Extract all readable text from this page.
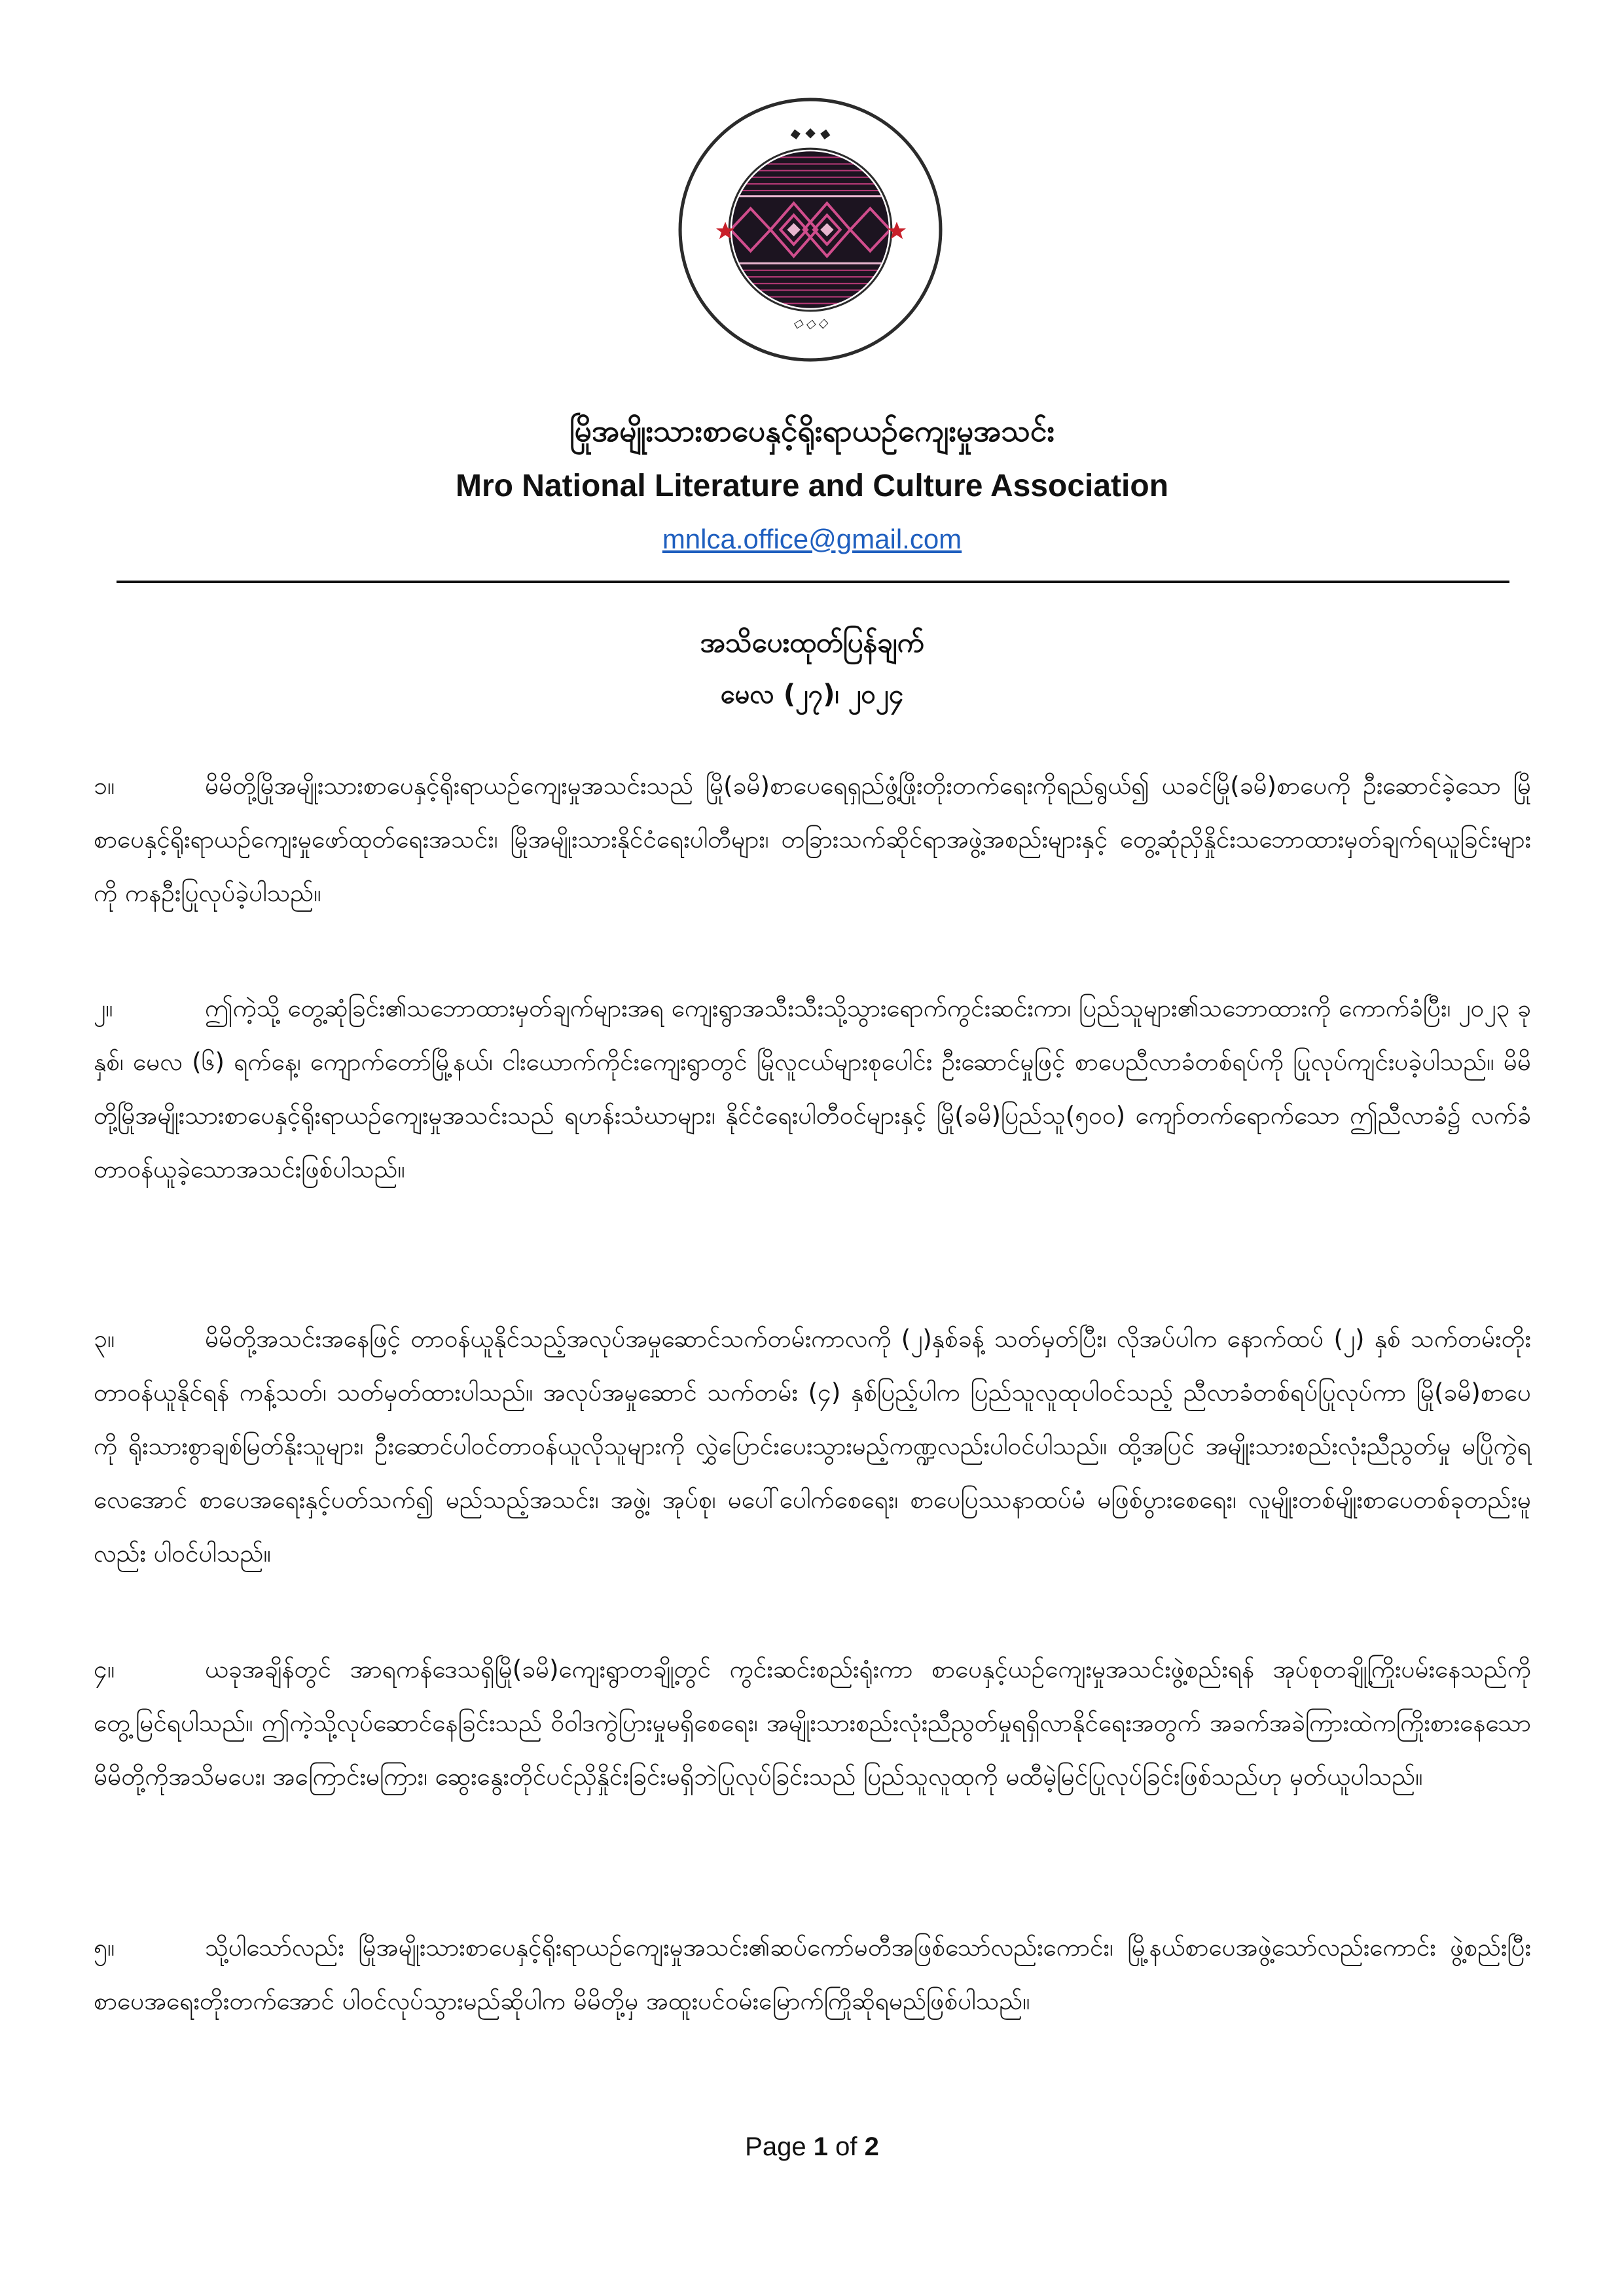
◆ ◆ ◆
◇ ◇ ◇
မြိုအမျိုးသားစာပေနှင့်ရိုးရာယဉ်ကျေးမှုအသင်း
Mro National Literature and Culture Association
mnlca.office@gmail.com
အသိပေးထုတ်ပြန်ချက်
မေလ (၂၇)၊ ၂၀၂၄

၁။	မိမိတို့မြိုအမျိုးသားစာပေနှင့်ရိုးရာယဉ်ကျေးမှုအသင်းသည် မြို(ခမိ)စာပေရေရှည်ဖွံ့ဖြိုးတိုးတက်ရေးကိုရည်ရွယ်၍ ယခင်မြို(ခမိ)စာပေကို ဦးဆောင်ခဲ့သော မြိုစာပေနှင့်ရိုးရာယဉ်ကျေးမှုဖော်ထုတ်ရေးအသင်း၊ မြိုအမျိုးသားနိုင်ငံရေးပါတီများ၊ တခြားသက်ဆိုင်ရာအဖွဲ့အစည်းများနှင့် တွေ့ဆုံညှိနှိုင်းသဘောထားမှတ်ချက်ရယူခြင်းများကို ကနဦးပြုလုပ်ခဲ့ပါသည်။

၂။	ဤကဲ့သို့ တွေ့ဆုံခြင်း၏သဘောထားမှတ်ချက်များအရ ကျေးရွာအသီးသီးသို့သွားရောက်ကွင်းဆင်းကာ၊ ပြည်သူများ၏သဘောထားကို ကောက်ခံပြီး၊ ၂၀၂၃ ခုနှစ်၊ မေလ (၆) ရက်နေ့၊ ကျောက်တော်မြို့နယ်၊ ငါးယောက်ကိုင်းကျေးရွာတွင် မြိုလူငယ်များစုပေါင်း ဦးဆောင်မှုဖြင့် စာပေညီလာခံတစ်ရပ်ကို ပြုလုပ်ကျင်းပခဲ့ပါသည်။ မိမိတို့မြိုအမျိုးသားစာပေနှင့်ရိုးရာယဉ်ကျေးမှုအသင်းသည် ရဟန်းသံဃာများ၊ နိုင်ငံရေးပါတီဝင်များနှင့် မြို(ခမိ)ပြည်သူ(၅၀၀) ကျော်တက်ရောက်သော ဤညီလာခံ၌ လက်ခံတာဝန်ယူခဲ့သောအသင်းဖြစ်ပါသည်။

၃။	မိမိတို့အသင်းအနေဖြင့် တာဝန်ယူနိုင်သည့်အလုပ်အမှုဆောင်သက်တမ်းကာလကို (၂)နှစ်ခန့် သတ်မှတ်ပြီး၊ လိုအပ်ပါက နောက်ထပ် (၂) နှစ် သက်တမ်းတိုး တာဝန်ယူနိုင်ရန် ကန့်သတ်၊ သတ်မှတ်ထားပါသည်။ အလုပ်အမှုဆောင် သက်တမ်း (၄) နှစ်ပြည့်ပါက ပြည်သူလူထုပါဝင်သည့် ညီလာခံတစ်ရပ်ပြုလုပ်ကာ မြို(ခမိ)စာပေကို ရိုးသားစွာချစ်မြတ်နိုးသူများ၊ ဦးဆောင်ပါဝင်တာဝန်ယူလိုသူများကို လွှဲပြောင်းပေးသွားမည့်ကဏ္ဍလည်းပါဝင်ပါသည်။ ထို့အပြင် အမျိုးသားစည်းလုံးညီညွတ်မှု မပြိုကွဲရလေအောင် စာပေအရေးနှင့်ပတ်သက်၍ မည်သည့်အသင်း၊ အဖွဲ့၊ အုပ်စု၊ မပေါ်ပေါက်စေရေး၊ စာပေပြဿနာထပ်မံ မဖြစ်ပွားစေရေး၊ လူမျိုးတစ်မျိုးစာပေတစ်ခုတည်းမူလည်း ပါဝင်ပါသည်။

၄။	ယခုအချိန်တွင် အာရကန်ဒေသရှိမြို(ခမိ)ကျေးရွာတချို့တွင် ကွင်းဆင်းစည်းရုံးကာ စာပေနှင့်ယဉ်ကျေးမှုအသင်းဖွဲ့စည်းရန် အုပ်စုတချို့ကြိုးပမ်းနေသည်ကို တွေ့မြင်ရပါသည်။ ဤကဲ့သို့လုပ်ဆောင်နေခြင်းသည် ဝိဝါဒကွဲပြားမှုမရှိစေရေး၊ အမျိုးသားစည်းလုံးညီညွတ်မှုရရှိလာနိုင်ရေးအတွက် အခက်အခဲကြားထဲကကြိုးစားနေသော မိမိတို့ကိုအသိမပေး၊ အကြောင်းမကြား၊ ဆွေးနွေးတိုင်ပင်ညှိနှိုင်းခြင်းမရှိဘဲပြုလုပ်ခြင်းသည် ပြည်သူလူထုကို မထီမဲ့မြင်ပြုလုပ်ခြင်းဖြစ်သည်ဟု မှတ်ယူပါသည်။

၅။	သို့ပါသော်လည်း မြိုအမျိုးသားစာပေနှင့်ရိုးရာယဉ်ကျေးမှုအသင်း၏ဆပ်ကော်မတီအဖြစ်သော်လည်းကောင်း၊ မြို့နယ်စာပေအဖွဲ့သော်လည်းကောင်း ဖွဲ့စည်းပြီးစာပေအရေးတိုးတက်အောင် ပါဝင်လုပ်သွားမည်ဆိုပါက မိမိတို့မှ အထူးပင်ဝမ်းမြောက်ကြိုဆိုရမည်ဖြစ်ပါသည်။

Page 1 of 2
